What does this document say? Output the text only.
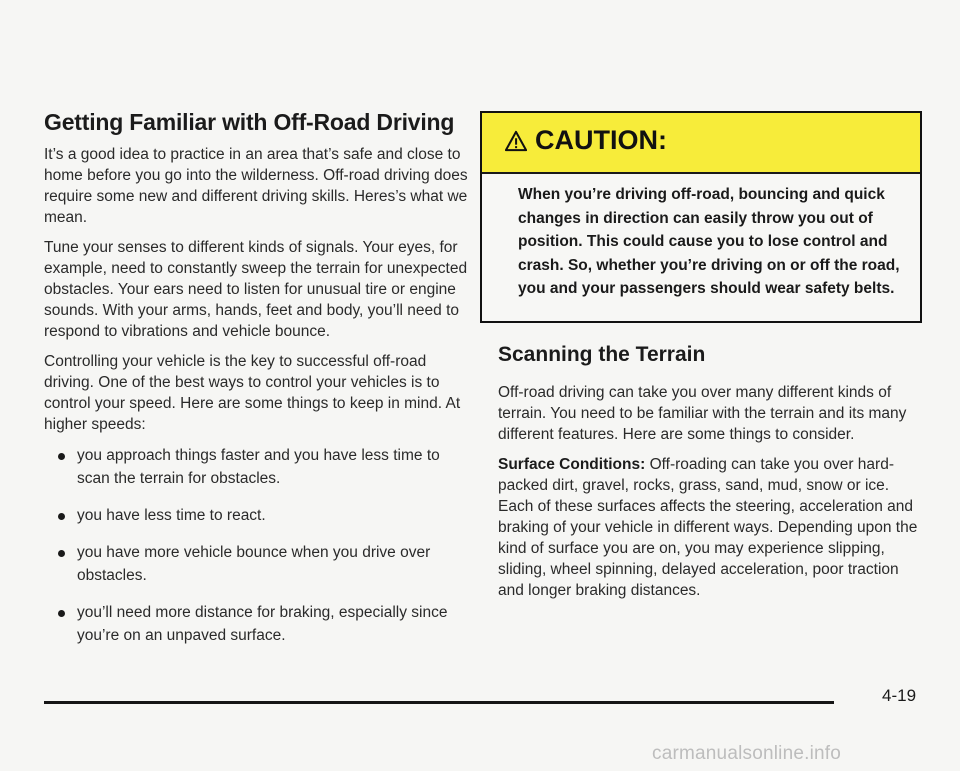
Getting Familiar with Off-Road Driving

It’s a good idea to practice in an area that’s safe and close to home before you go into the wilderness. Off-road driving does require some new and different driving skills. Heres’s what we mean.

Tune your senses to different kinds of signals. Your eyes, for example, need to constantly sweep the terrain for unexpected obstacles. Your ears need to listen for unusual tire or engine sounds. With your arms, hands, feet and body, you’ll need to respond to vibrations and vehicle bounce.

Controlling your vehicle is the key to successful off-road driving. One of the best ways to control your vehicles is to control your speed. Here are some things to keep in mind. At higher speeds:

you approach things faster and you have less time to scan the terrain for obstacles.
you have less time to react.
you have more vehicle bounce when you drive over obstacles.
you’ll need more distance for braking, especially since you’re on an unpaved surface.
CAUTION:
When you’re driving off-road, bouncing and quick changes in direction can easily throw you out of position. This could cause you to lose control and crash. So, whether you’re driving on or off the road, you and your passengers should wear safety belts.
Scanning the Terrain

Off-road driving can take you over many different kinds of terrain. You need to be familiar with the terrain and its many different features. Here are some things to consider.

Surface Conditions: Off-roading can take you over hard-packed dirt, gravel, rocks, grass, sand, mud, snow or ice. Each of these surfaces affects the steering, acceleration and braking of your vehicle in different ways. Depending upon the kind of surface you are on, you may experience slipping, sliding, wheel spinning, delayed acceleration, poor traction and longer braking distances.

4-19
carmanualsonline.info
